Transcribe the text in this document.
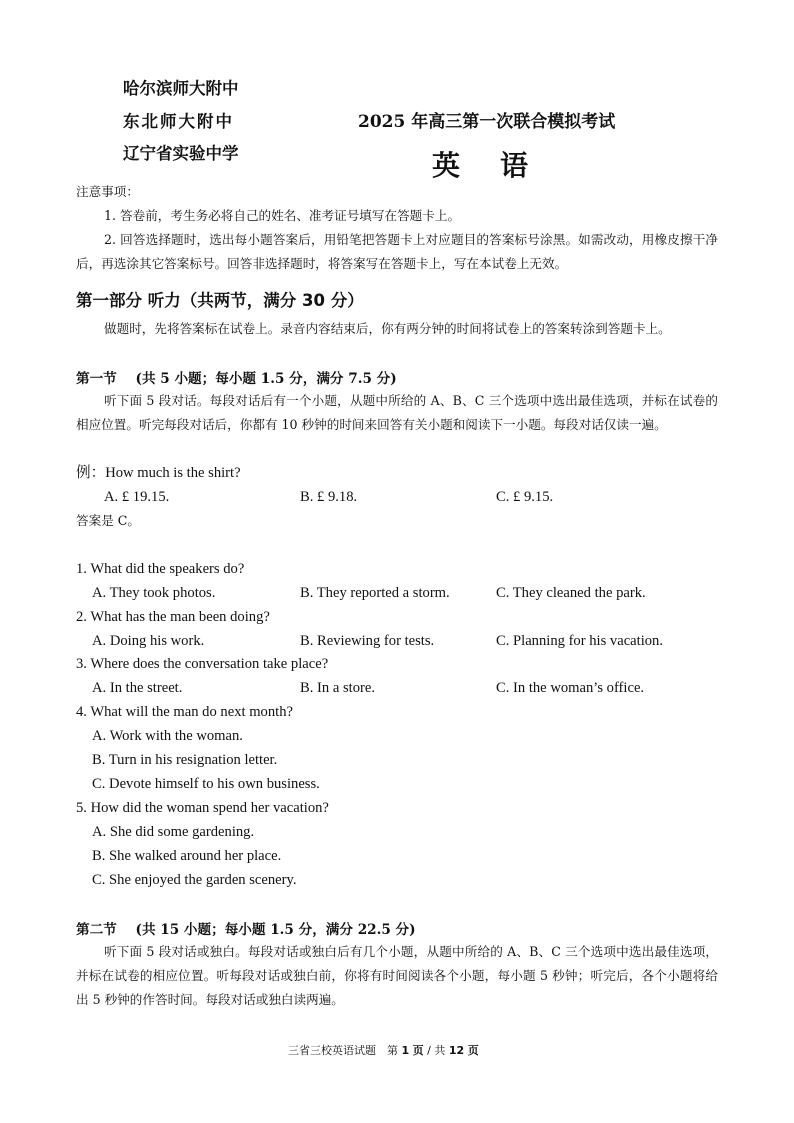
哈尔滨师大附中
东北师大附中
辽宁省实验中学
2025 年高三第一次联合模拟考试
英语
注意事项：
1. 答卷前，考生务必将自己的姓名、准考证号填写在答题卡上。
2. 回答选择题时，选出每小题答案后，用铅笔把答题卡上对应题目的答案标号涂黑。如需改动，用橡皮擦干净后，再选涂其它答案标号。回答非选择题时，将答案写在答题卡上，写在本试卷上无效。
第一部分 听力（共两节，满分 30 分）
做题时，先将答案标在试卷上。录音内容结束后，你有两分钟的时间将试卷上的答案转涂到答题卡上。
第一节 (共 5 小题；每小题 1.5 分，满分 7.5 分)
听下面 5 段对话。每段对话后有一个小题，从题中所给的 A、B、C 三个选项中选出最佳选项，并标在试卷的相应位置。听完每段对话后，你都有 10 秒钟的时间来回答有关小题和阅读下一小题。每段对话仅读一遍。
例：How much is the shirt?
A. £ 19.15.	B. £ 9.18.	C. £ 9.15.
答案是 C。
1. What did the speakers do?
A. They took photos.	B. They reported a storm.	C. They cleaned the park.
2. What has the man been doing?
A. Doing his work.	B. Reviewing for tests.	C. Planning for his vacation.
3. Where does the conversation take place?
A. In the street.	B. In a store.	C. In the woman’s office.
4. What will the man do next month?
A. Work with the woman.
B. Turn in his resignation letter.
C. Devote himself to his own business.
5. How did the woman spend her vacation?
A. She did some gardening.
B. She walked around her place.
C. She enjoyed the garden scenery.
第二节 (共 15 小题；每小题 1.5 分，满分 22.5 分)
听下面 5 段对话或独白。每段对话或独白后有几个小题，从题中所给的 A、B、C 三个选项中选出最佳选项，并标在试卷的相应位置。听每段对话或独白前，你将有时间阅读各个小题，每小题 5 秒钟；听完后，各个小题将给出 5 秒钟的作答时间。每段对话或独白读两遍。
三省三校英语试题　第 1 页 / 共 12 页
